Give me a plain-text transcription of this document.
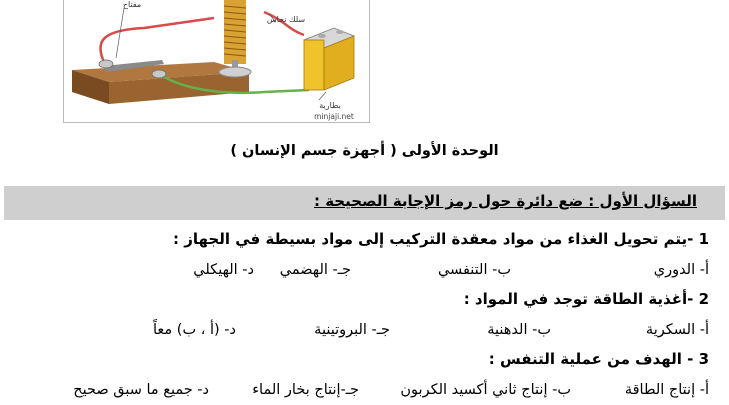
مفتاح
سلك نحاس
بطارية
minjaji.net
الوحدة الأولى ( أجهزة جسم الإنسان )
السؤال الأول : ضع دائرة حول رمز الإجابة الصحيحة :
1 -يتم تحويل الغذاء من مواد معقدة التركيب إلى مواد بسيطة في الجهاز :
أ- الدوري
ب- التنفسي
جـ- الهضمي
د- الهيكلي
2 -أغذية الطاقة توجد في المواد :
أ- السكرية
ب- الدهنية
جـ- البروتينية
د- (أ ، ب) معاً
3 - الهدف من عملية التنفس :
أ- إنتاج الطاقة
ب- إنتاج ثاني أكسيد الكربون
جـ-إنتاج بخار الماء
د- جميع ما سبق صحيح
